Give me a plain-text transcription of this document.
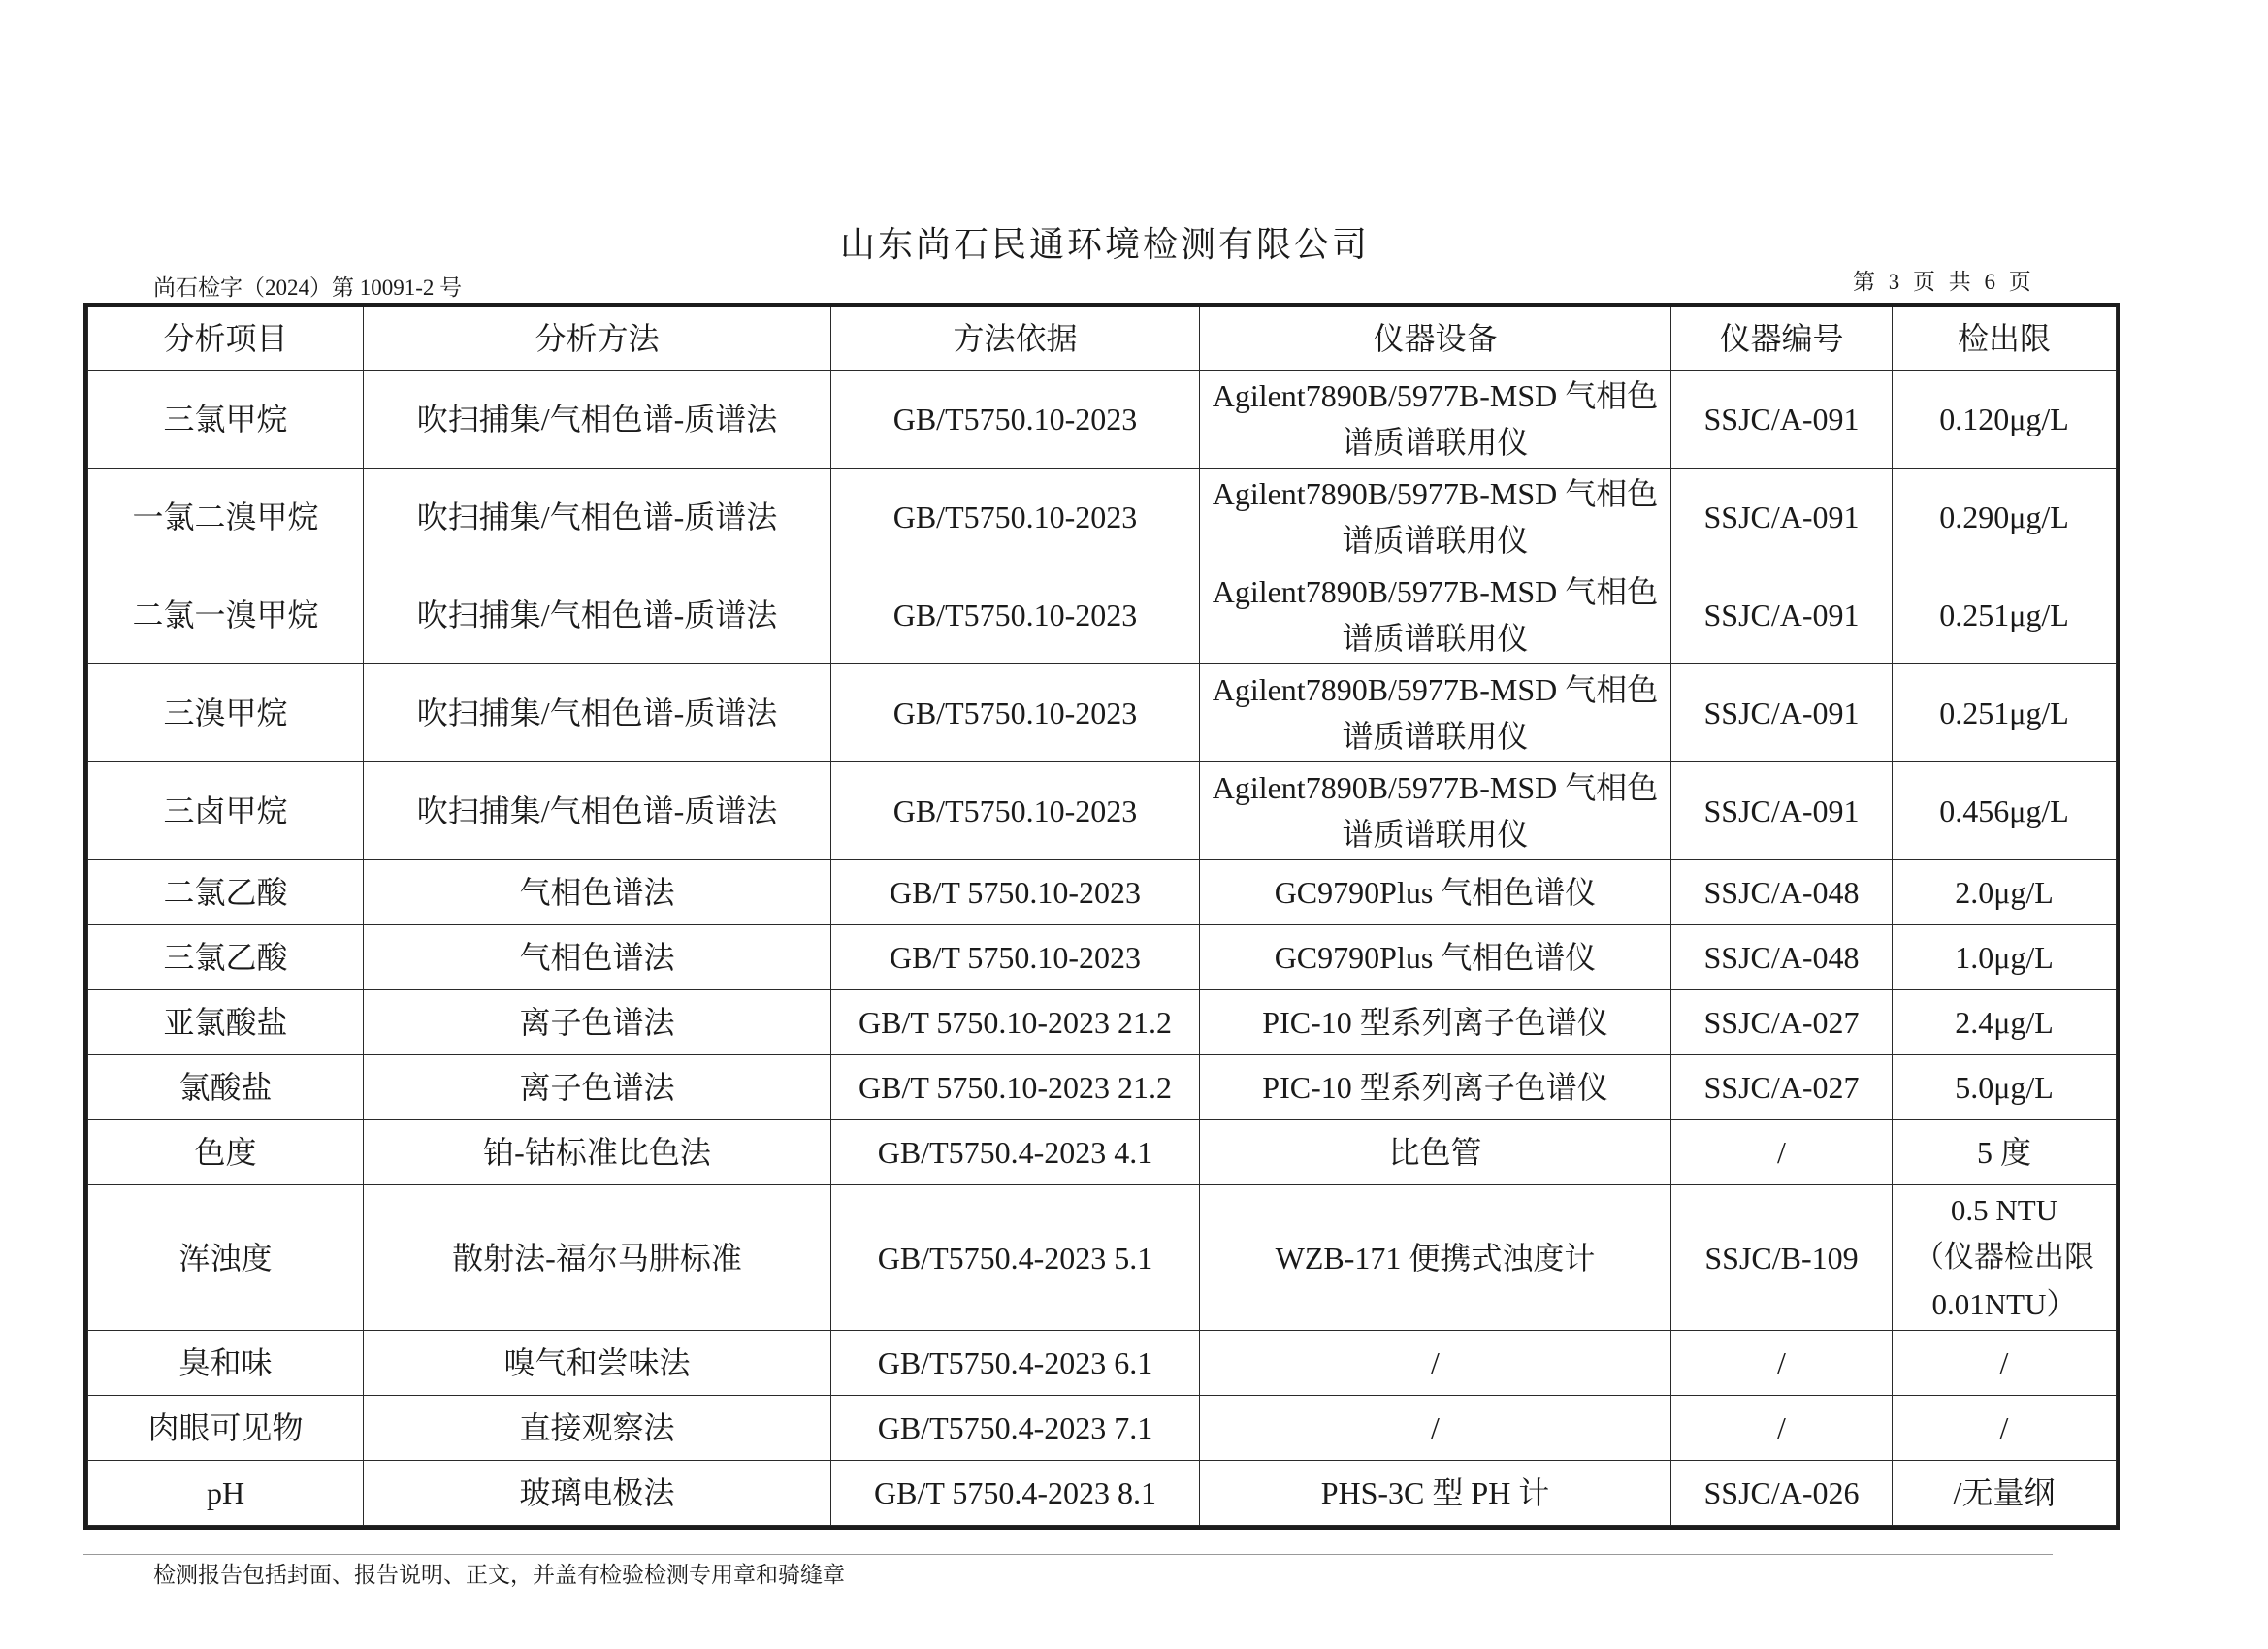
山东尚石民通环境检测有限公司
尚石检字（2024）第 10091-2 号	第 3 页 共 6 页
分析项目	分析方法	方法依据	仪器设备	仪器编号	检出限
三氯甲烷	吹扫捕集/气相色谱-质谱法	GB/T5750.10-2023	Agilent7890B/5977B-MSD 气相色谱质谱联用仪	SSJC/A-091	0.120μg/L
一氯二溴甲烷	吹扫捕集/气相色谱-质谱法	GB/T5750.10-2023	Agilent7890B/5977B-MSD 气相色谱质谱联用仪	SSJC/A-091	0.290μg/L
二氯一溴甲烷	吹扫捕集/气相色谱-质谱法	GB/T5750.10-2023	Agilent7890B/5977B-MSD 气相色谱质谱联用仪	SSJC/A-091	0.251μg/L
三溴甲烷	吹扫捕集/气相色谱-质谱法	GB/T5750.10-2023	Agilent7890B/5977B-MSD 气相色谱质谱联用仪	SSJC/A-091	0.251μg/L
三卤甲烷	吹扫捕集/气相色谱-质谱法	GB/T5750.10-2023	Agilent7890B/5977B-MSD 气相色谱质谱联用仪	SSJC/A-091	0.456μg/L
二氯乙酸	气相色谱法	GB/T 5750.10-2023	GC9790Plus 气相色谱仪	SSJC/A-048	2.0μg/L
三氯乙酸	气相色谱法	GB/T 5750.10-2023	GC9790Plus 气相色谱仪	SSJC/A-048	1.0μg/L
亚氯酸盐	离子色谱法	GB/T 5750.10-2023 21.2	PIC-10 型系列离子色谱仪	SSJC/A-027	2.4μg/L
氯酸盐	离子色谱法	GB/T 5750.10-2023 21.2	PIC-10 型系列离子色谱仪	SSJC/A-027	5.0μg/L
色度	铂-钴标准比色法	GB/T5750.4-2023 4.1	比色管	/	5 度
浑浊度	散射法-福尔马肼标准	GB/T5750.4-2023 5.1	WZB-171 便携式浊度计	SSJC/B-109	0.5 NTU
（仪器检出限
0.01NTU）

臭和味	嗅气和尝味法	GB/T5750.4-2023 6.1	/	/	/
肉眼可见物	直接观察法	GB/T5750.4-2023 7.1	/	/	/
pH	玻璃电极法	GB/T 5750.4-2023 8.1	PHS-3C 型 PH 计	SSJC/A-026	/无量纲
检测报告包括封面、报告说明、正文，并盖有检验检测专用章和骑缝章
